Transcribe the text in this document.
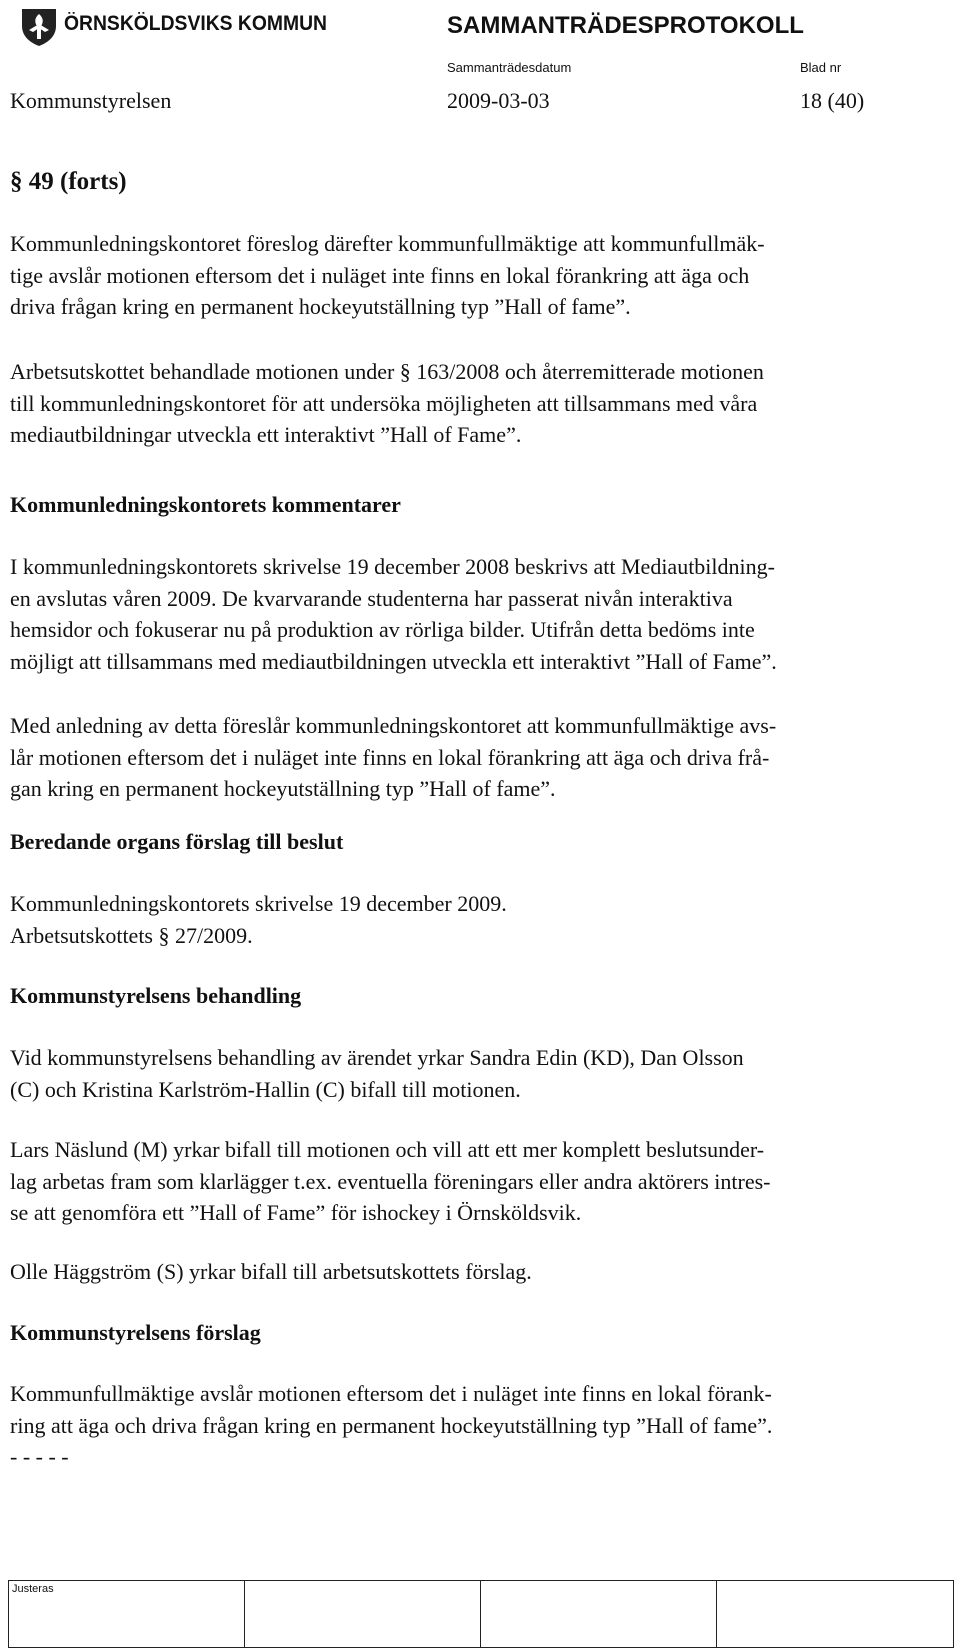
ÖRNSKÖLDSVIKS KOMMUN	SAMMANTRÄDESPROTOKOLL
Sammanträdesdatum	Blad nr
Kommunstyrelsen	2009-03-03	18 (40)
§ 49 (forts)

Kommunledningskontoret föreslog därefter kommunfullmäktige att kommunfullmäk-
tige avslår motionen eftersom det i nuläget inte finns en lokal förankring att äga och
driva frågan kring en permanent hockeyutställning typ ”Hall of fame”.

Arbetsutskottet behandlade motionen under § 163/2008 och återremitterade motionen
till kommunledningskontoret för att undersöka möjligheten att tillsammans med våra
mediautbildningar utveckla ett interaktivt ”Hall of Fame”.

Kommunledningskontorets kommentarer

I kommunledningskontorets skrivelse 19 december 2008 beskrivs att Mediautbildning-
en avslutas våren 2009. De kvarvarande studenterna har passerat nivån interaktiva
hemsidor och fokuserar nu på produktion av rörliga bilder. Utifrån detta bedöms inte
möjligt att tillsammans med mediautbildningen utveckla ett interaktivt ”Hall of Fame”.

Med anledning av detta föreslår kommunledningskontoret att kommunfullmäktige avs-
lår motionen eftersom det i nuläget inte finns en lokal förankring att äga och driva frå-
gan kring en permanent hockeyutställning typ ”Hall of fame”.

Beredande organs förslag till beslut

Kommunledningskontorets skrivelse 19 december 2009.
Arbetsutskottets § 27/2009.

Kommunstyrelsens behandling

Vid kommunstyrelsens behandling av ärendet yrkar Sandra Edin (KD), Dan Olsson
(C) och Kristina Karlström-Hallin (C) bifall till motionen.

Lars Näslund (M) yrkar bifall till motionen och vill att ett mer komplett beslutsunder-
lag arbetas fram som klarlägger t.ex. eventuella föreningars eller andra aktörers intres-
se att genomföra ett ”Hall of Fame” för ishockey i Örnsköldsvik.

Olle Häggström (S) yrkar bifall till arbetsutskottets förslag.

Kommunstyrelsens förslag

Kommunfullmäktige avslår motionen eftersom det i nuläget inte finns en lokal förank-
ring att äga och driva frågan kring en permanent hockeyutställning typ ”Hall of fame”.
- - - - -

Justeras
